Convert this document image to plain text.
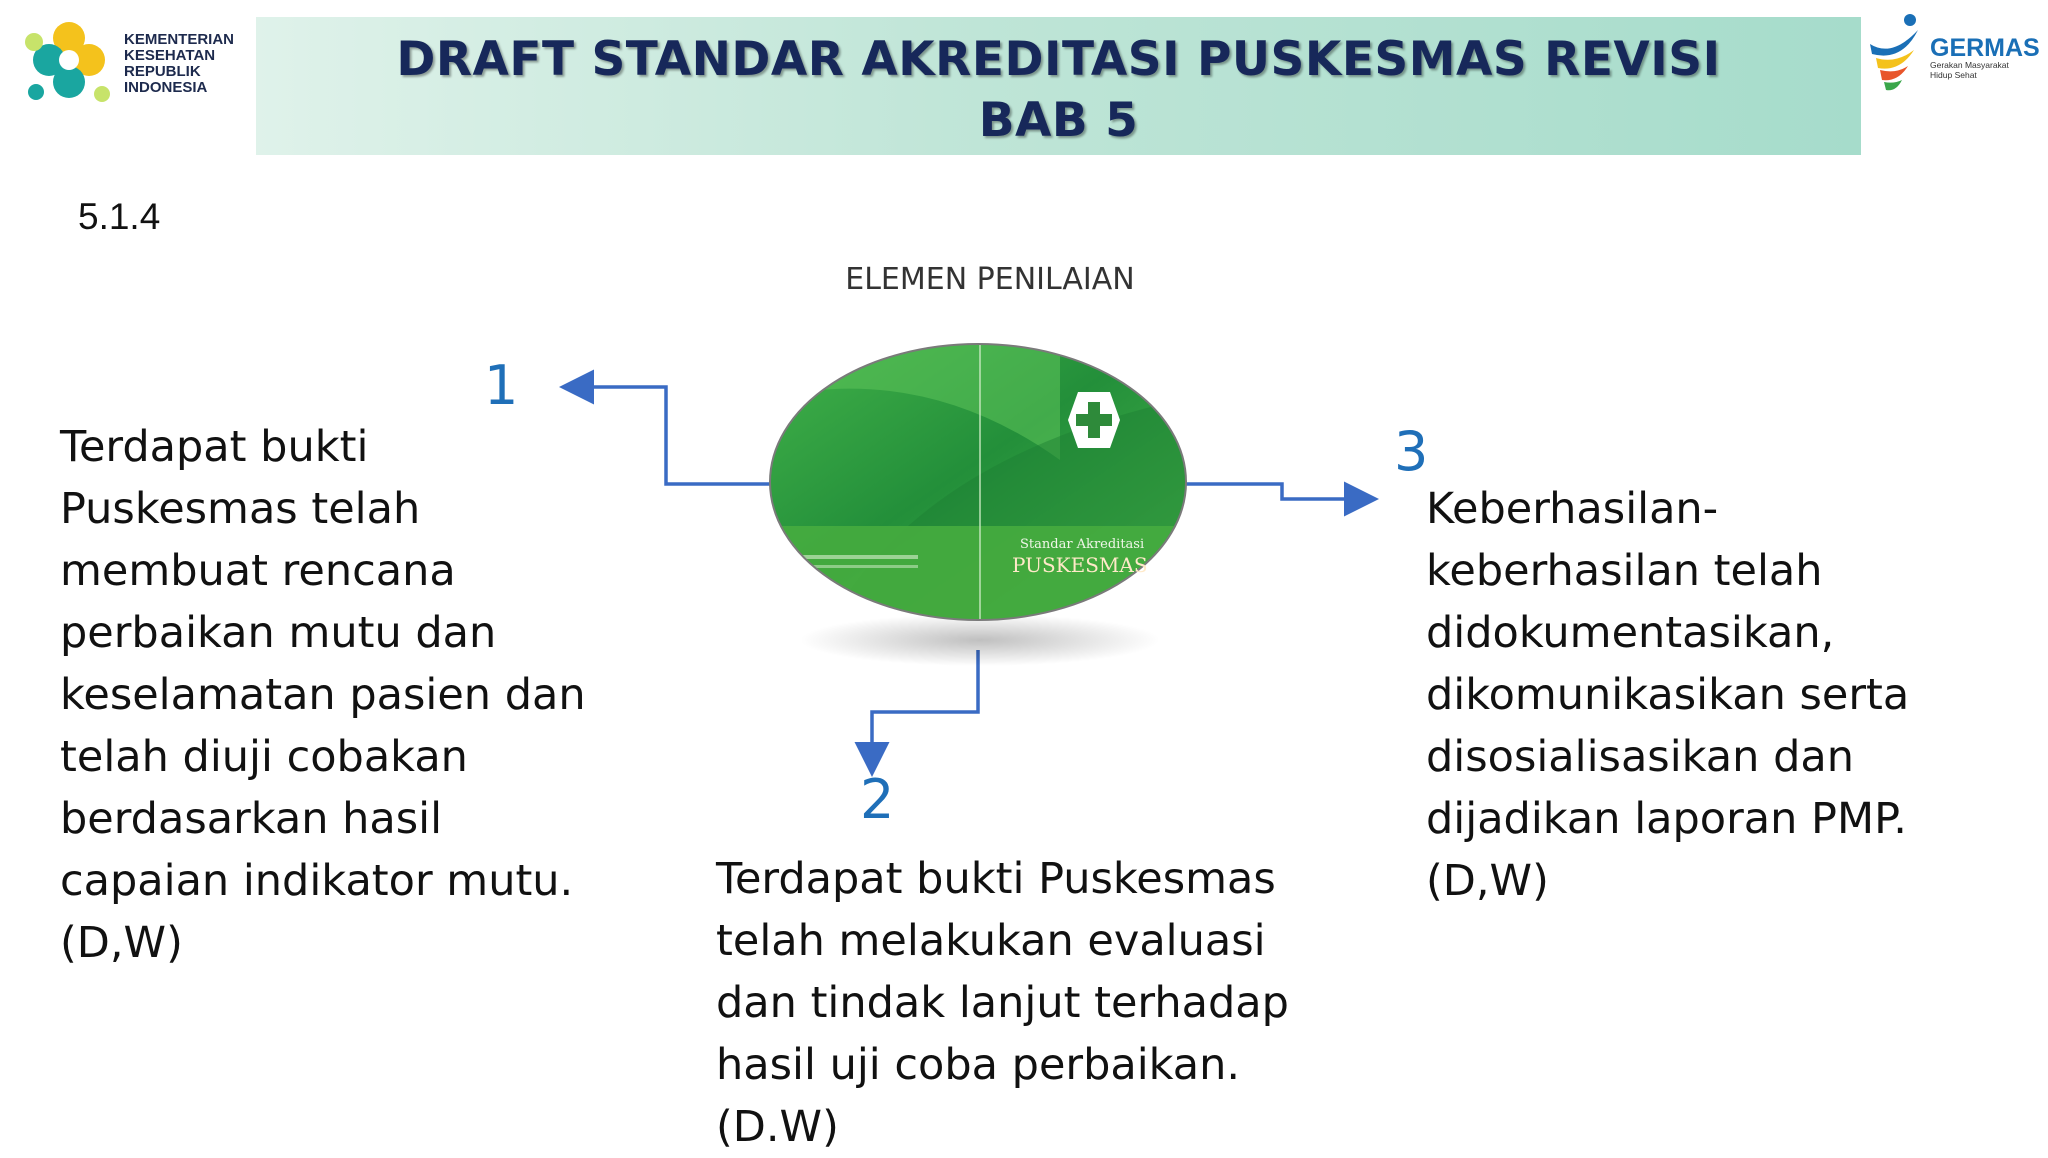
KEMENTERIAN
KESEHATAN
REPUBLIK
INDONESIA
DRAFT STANDAR AKREDITASI PUSKESMAS REVISI
BAB 5
GERMAS
Gerakan Masyarakat
Hidup Sehat
5.1.4
ELEMEN PENILAIAN
Standar Akreditasi
PUSKESMAS
1
Terdapat bukti
Puskesmas telah
membuat rencana
perbaikan mutu dan
keselamatan pasien dan
telah diuji cobakan
berdasarkan hasil
capaian indikator mutu.
(D,W)
2
Terdapat bukti Puskesmas
telah melakukan evaluasi
dan tindak lanjut terhadap
hasil uji coba perbaikan.
(D.W)
3
Keberhasilan-
keberhasilan telah
didokumentasikan,
dikomunikasikan serta
disosialisasikan dan
dijadikan laporan PMP.
(D,W)
